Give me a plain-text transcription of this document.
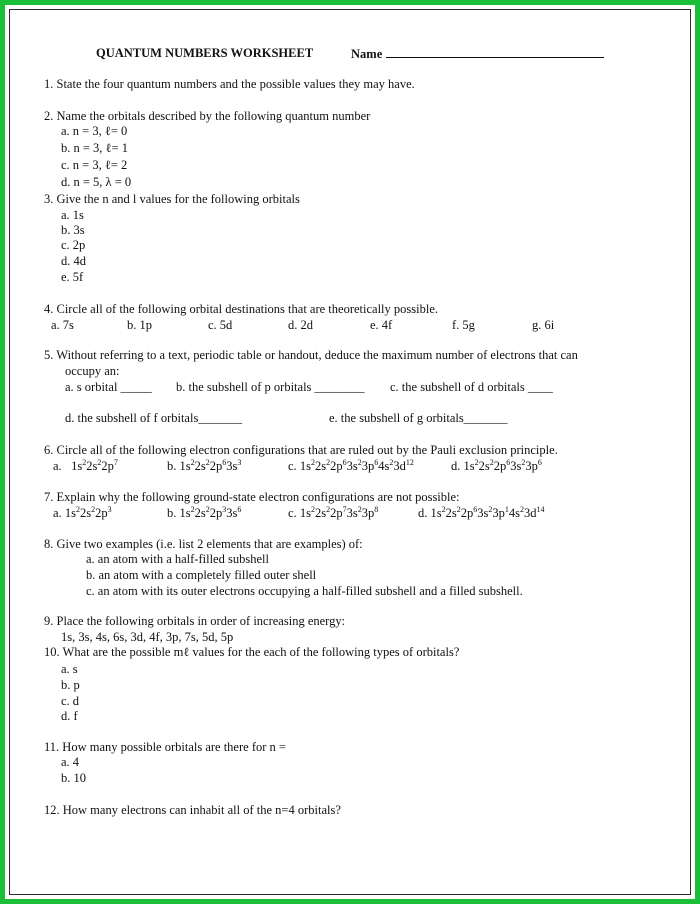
QUANTUM NUMBERS WORKSHEET	Name
1. State the four quantum numbers and the possible values they may have.
2. Name the orbitals described by the following quantum number
a. n = 3, ℓ= 0
b. n = 3, ℓ= 1
c. n = 3, ℓ= 2
d. n = 5, λ = 0
3. Give the n and l values for the following orbitals
a. 1s
b. 3s
c. 2p
d. 4d
e. 5f
4. Circle all of the following orbital destinations that are theoretically possible.
a. 7s	b. 1p	c. 5d	d. 2d	e. 4f	f. 5g	g. 6i
5. Without referring to a text, periodic table or handout, deduce the maximum number of electrons that can
occupy an:
a. s orbital _____ b. the subshell of p orbitals ________ c. the subshell of d orbitals ____
d. the subshell of f orbitals_______	e. the subshell of g orbitals_______
6. Circle all of the following electron configurations that are ruled out by the Pauli exclusion principle.
a.   $1s^22s^22p^7$	b. $1s^22s^22p^63s^3$	c. $1s^22s^22p^63s^23p^64s^23d^{12}$	d. $1s^22s^22p^63s^23p^6$
7. Explain why the following ground-state electron configurations are not possible:
a. $1s^22s^22p^3$	b. $1s^22s^22p^33s^6$	c. $1s^22s^22p^73s^23p^8$	d. $1s^22s^22p^63s^23p^14s^23d^{14}$
8. Give two examples (i.e. list 2 elements that are examples) of:
a. an atom with a half-filled subshell
b. an atom with a completely filled outer shell
c. an atom with its outer electrons occupying a half-filled subshell and a filled subshell.
9. Place the following orbitals in order of increasing energy:
1s, 3s, 4s, 6s, 3d, 4f, 3p, 7s, 5d, 5p
10. What are the possible mℓ values for the each of the following types of orbitals?
a. s
b. p
c. d
d. f
11. How many possible orbitals are there for n =
a. 4
b. 10
12. How many electrons can inhabit all of the n=4 orbitals?
